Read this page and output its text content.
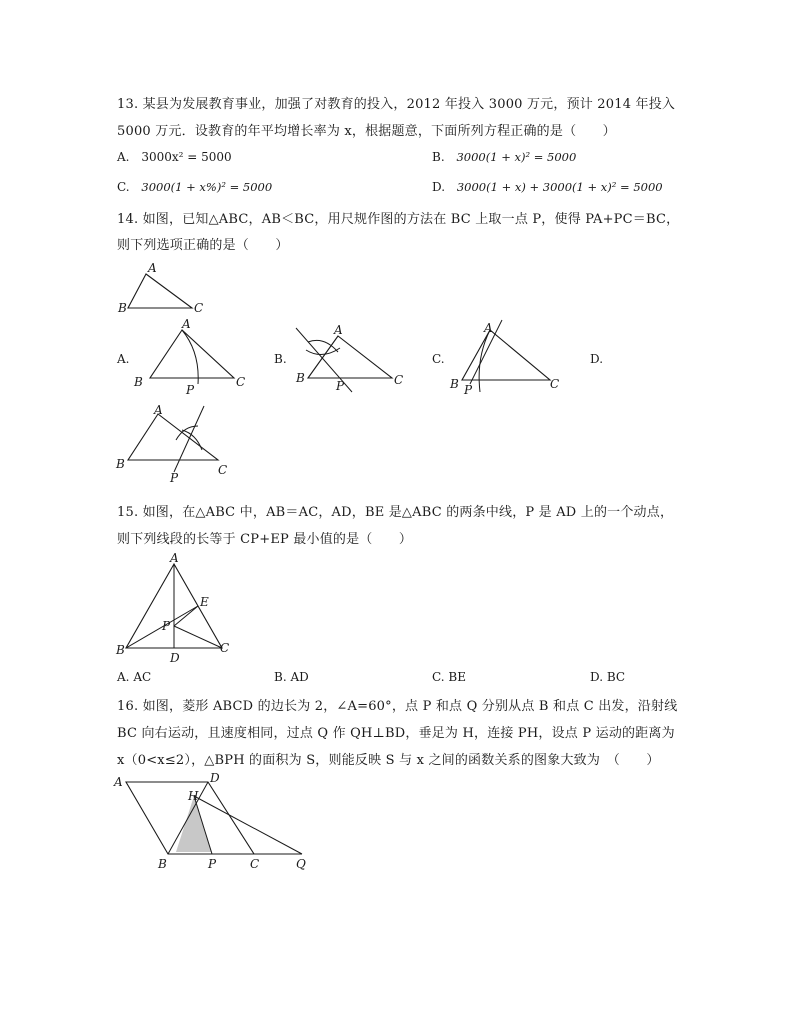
13. 某县为发展教育事业，加强了对教育的投入，2012 年投入 3000 万元，预计 2014 年投入
5000 万元．设教育的年平均增长率为 x，根据题意，下面所列方程正确的是（　　）
A. 3000x² = 5000	B. 3000(1 + x)² = 5000
C. 3000(1 + x%)² = 5000	D. 3000(1 + x) + 3000(1 + x)² = 5000
14. 如图，已知△ABC，AB＜BC，用尺规作图的方法在 BC 上取一点 P，使得 PA+PC＝BC，
则下列选项正确的是（　　）
A
B	C
A.
A
B	C
P
B.
A
B	C
P
C.
A
B	C
P
D.
A
B	C
P
15. 如图，在△ABC 中，AB＝AC，AD，BE 是△ABC 的两条中线，P 是 AD 上的一个动点，
则下列线段的长等于 CP+EP 最小值的是（　　）
A
B	C
D
E
P
A. AC	B. AD	C. BE	D. BC
16. 如图，菱形 ABCD 的边长为 2，∠A=60°，点 P 和点 Q 分别从点 B 和点 C 出发，沿射线
BC 向右运动，且速度相同，过点 Q 作 QH⊥BD，垂足为 H，连接 PH，设点 P 运动的距离为
x（0<x≤2），△BPH 的面积为 S，则能反映 S 与 x 之间的函数关系的图象大致为　（　　）
A	D
H
B	P	C	Q
